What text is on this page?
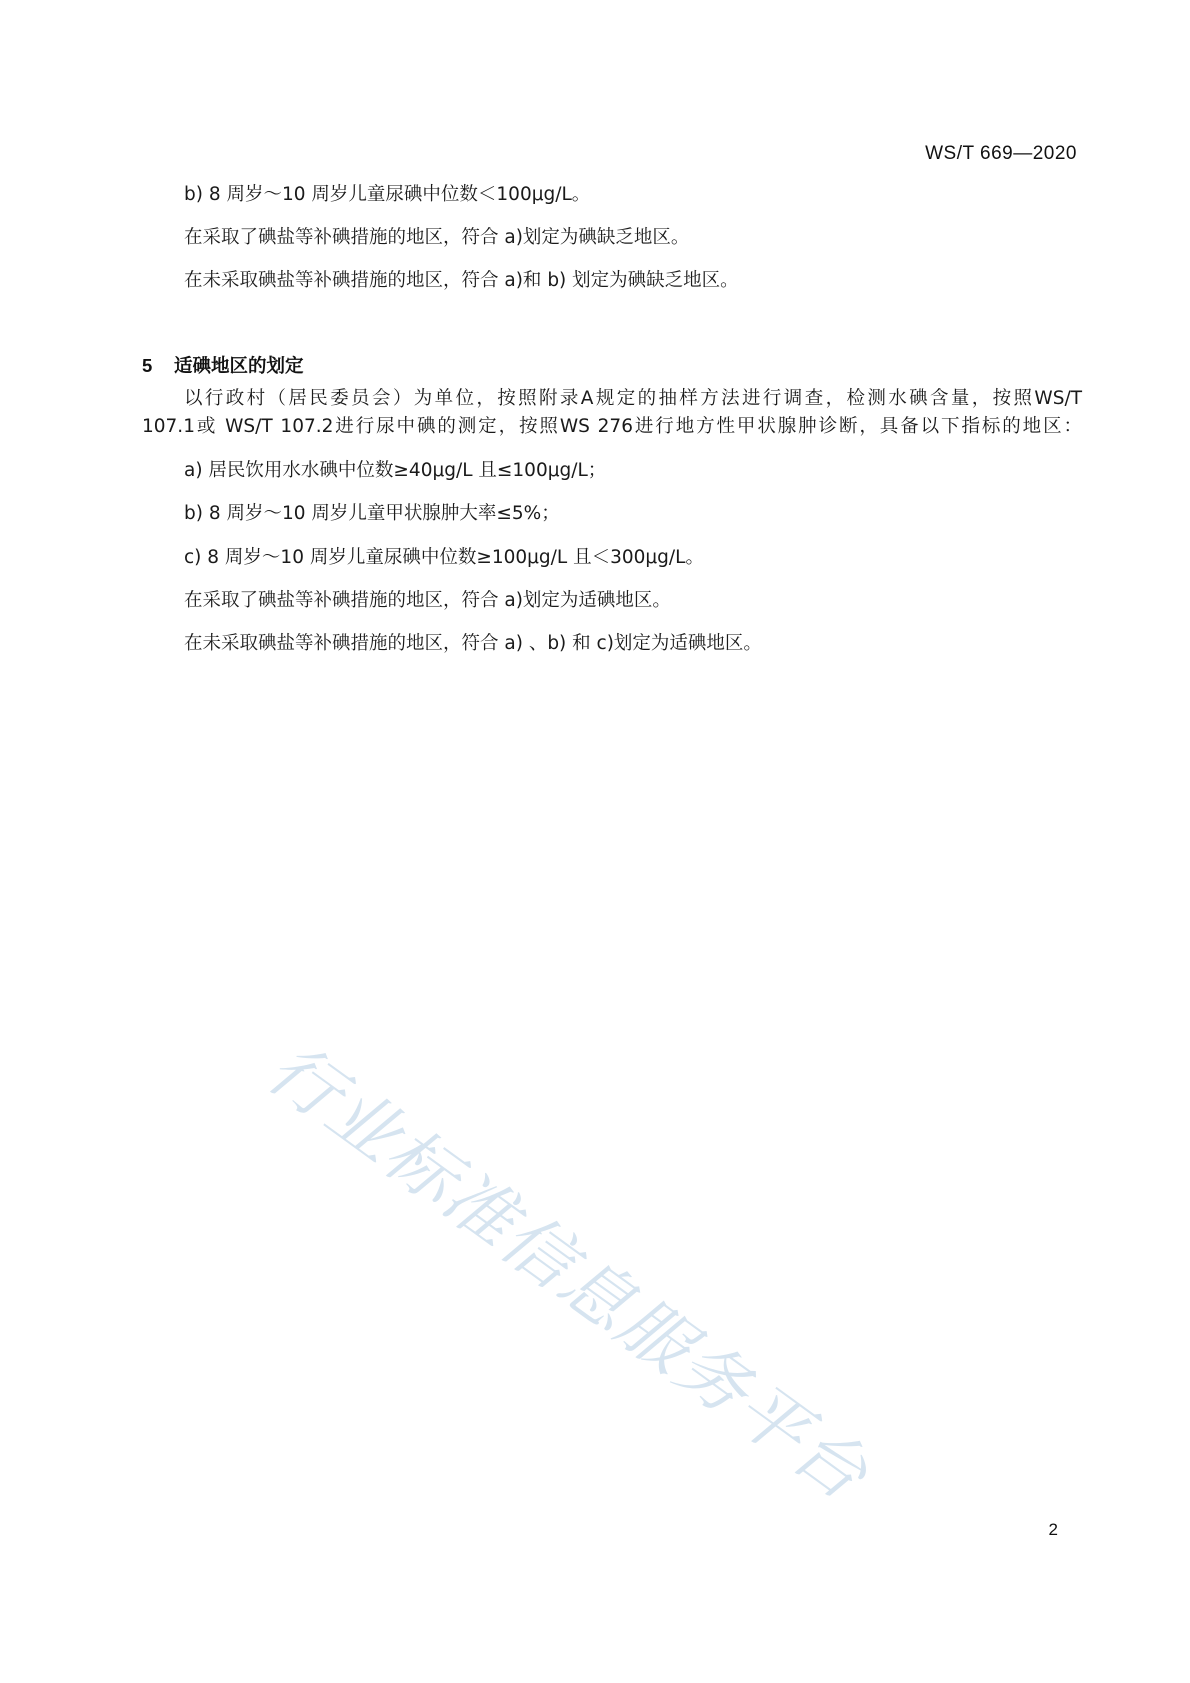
WS/T 669—2020
b) 8 周岁～10 周岁儿童尿碘中位数＜100μg/L。
在采取了碘盐等补碘措施的地区，符合 a)划定为碘缺乏地区。
在未采取碘盐等补碘措施的地区，符合 a)和 b) 划定为碘缺乏地区。
5 适碘地区的划定
以行政村（居民委员会）为单位，按照附录A规定的抽样方法进行调查，检测水碘含量，按照WS/T
107.1或 WS/T 107.2进行尿中碘的测定，按照WS 276进行地方性甲状腺肿诊断，具备以下指标的地区：
a) 居民饮用水水碘中位数≥40μg/L 且≤100μg/L；
b) 8 周岁～10 周岁儿童甲状腺肿大率≤5%；
c) 8 周岁～10 周岁儿童尿碘中位数≥100μg/L 且＜300μg/L。
在采取了碘盐等补碘措施的地区，符合 a)划定为适碘地区。
在未采取碘盐等补碘措施的地区，符合 a) 、b) 和 c)划定为适碘地区。
行业标准信息服务平台
2
